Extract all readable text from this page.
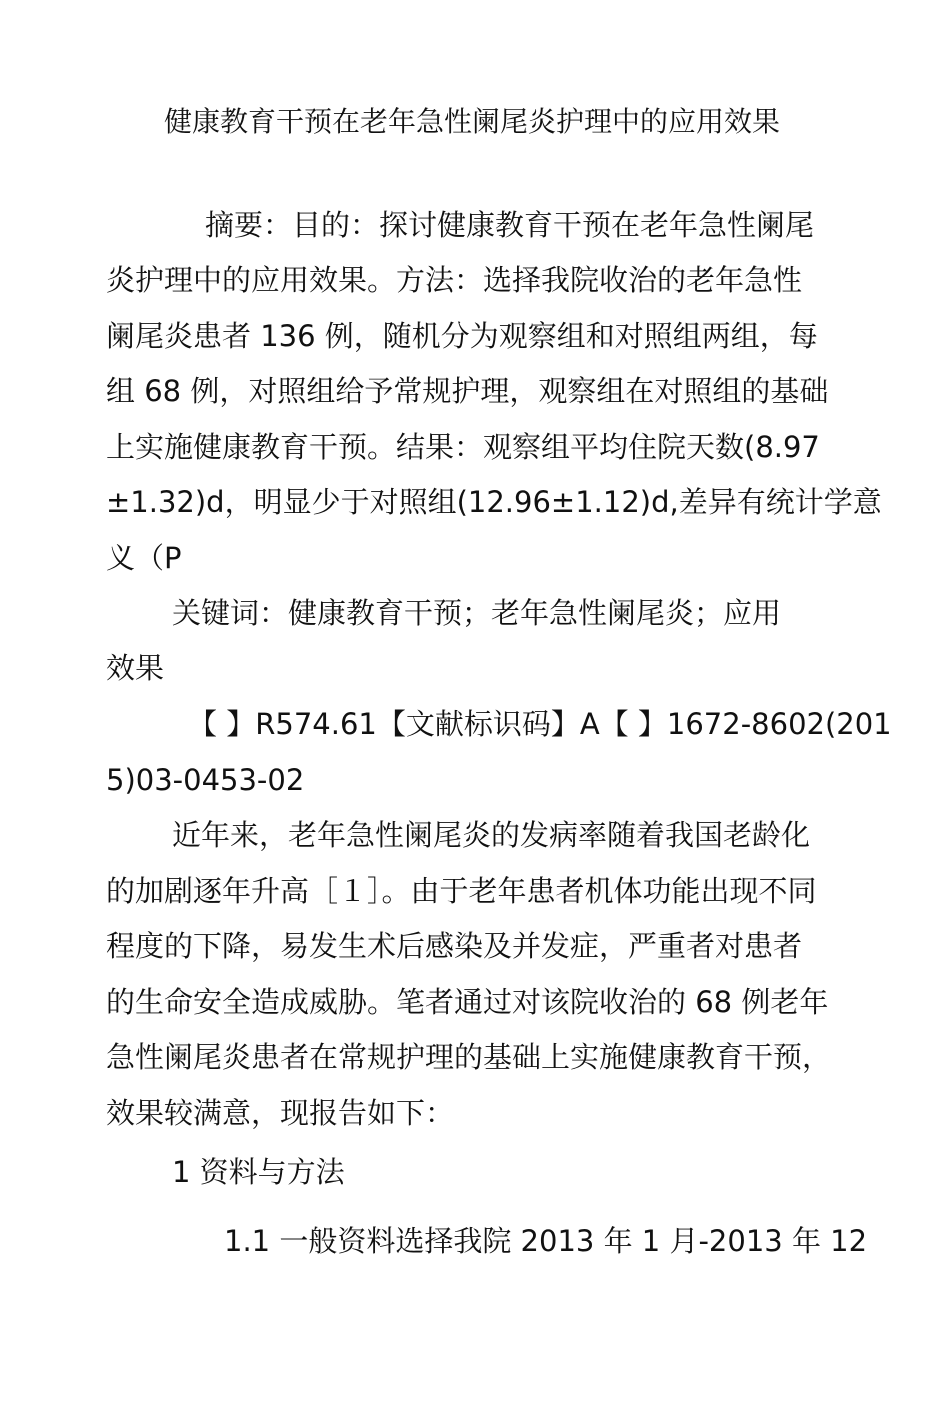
健康教育干预在老年急性阑尾炎护理中的应用效果
摘要：目的：探讨健康教育干预在老年急性阑尾
炎护理中的应用效果。方法：选择我院收治的老年急性
阑尾炎患者 136 例，随机分为观察组和对照组两组，每
组 68 例，对照组给予常规护理，观察组在对照组的基础
上实施健康教育干预。结果：观察组平均住院天数(8.97
±1.32)d，明显少于对照组(12.96±1.12)d,差异有统计学意
义（P
关键词：健康教育干预；老年急性阑尾炎；应用
效果
【 】R574.61【文献标识码】A【 】1672-8602(201
5)03-0453-02
近年来，老年急性阑尾炎的发病率随着我国老龄化
的加剧逐年升高［１］。由于老年患者机体功能出现不同
程度的下降，易发生术后感染及并发症，严重者对患者
的生命安全造成威胁。笔者通过对该院收治的 68 例老年
急性阑尾炎患者在常规护理的基础上实施健康教育干预，
效果较满意，现报告如下：
1 资料与方法
1.1 一般资料选择我院 2013 年 1 月-2013 年 12
